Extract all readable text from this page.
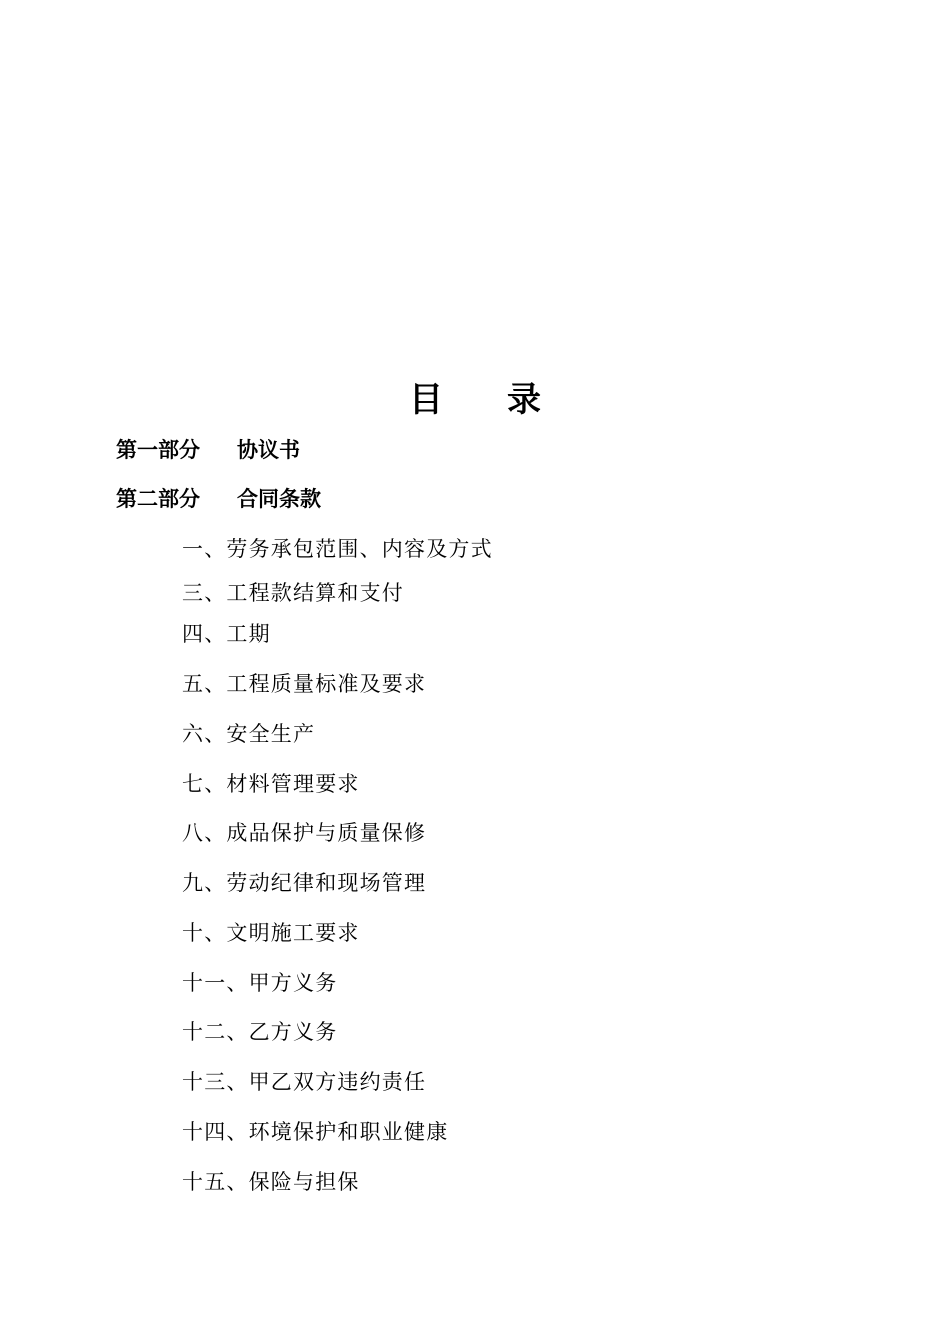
目 录
第一部分 协议书
第二部分 合同条款
一、劳务承包范围、内容及方式
三、工程款结算和支付
四、工期
五、工程质量标准及要求
六、安全生产
七、材料管理要求
八、成品保护与质量保修
九、劳动纪律和现场管理
十、文明施工要求
十一、甲方义务
十二、乙方义务
十三、甲乙双方违约责任
十四、环境保护和职业健康
十五、保险与担保
